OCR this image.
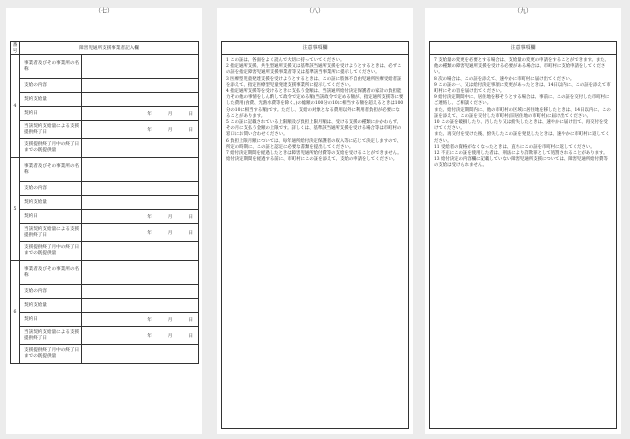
（七）
番号	障害児通所支援事業者記入欄	
4	事業者及びその事業所の名称	
	支給の内容	
	契約支給量	
	契約日	年 月 日
	当該契約支給量による支援提供終了日	年 月 日
	支援提供終了月中の終了日までの既提供量	
5	事業者及びその事業所の名称	
	支給の内容	
	契約支給量	
	契約日	年 月 日
	当該契約支給量による支援提供終了日	年 月 日
	支援提供終了月中の終了日までの既提供量	
6	事業者及びその事業所の名称	
	支給の内容	
	契約支給量	
	契約日	年 月 日
	当該契約支給量による支援提供終了日	年 月 日
	支援提供終了月中の終了日までの既提供量	
（八）
注意事項欄

1 この証は、各面をよく読んで大切に持っていてください。

2 指定通所支援、共生型通所支援又は基準該当通所支援を受けようとするときは、必ずこの証を指定障害児通所支援事業者等又は基準該当事業所に提示してください。

3 医療型児童発達支援を受けようとするときは、この証に肢体不自由児通所医療受給者証を添えて、指定医療型児童発達支援事業所に提示してください。

4 指定通所支援等を受けるときに支払う金額は、当該通所給付決定保護者の家計の負担能力その他の事情をしん酌して政令で定める額(当該政令で定める額が、指定通所支援等に要した費用(食費、光熱水費等を除く。)の総額の100分の10に相当する額を超えるときは100分の10に相当する額)です。ただし、支給の対象となる費用以外に利用者負担が必要になることがあります。

5 この証に記載されている上限額及び負担上限月額は、受ける支援の種類にかかわらず、その月に支払う金額の上限です。詳しくは、基準該当通所支援を受ける場合等は市町村の窓口にお問い合わせください。

6 負担上限月額については、毎年通所給付決定保護者の収入等に応じて決定しますので、所定の時期に、この証と認定に必要な書類を提出してください。

7 給付決定期間を経過したときは障害児通所給付費等の支給を受けることができません。給付決定期間を経過する前に、市町村にこの証を添えて、支給の申請をしてください。

（九）
注意事項欄

7 支給量の変更を必要とする場合は、支給量の変更の申請をすることができます。また、他の種類の障害児通所支援を受ける必要がある場合は、市町村に支給申請をしてください。

8 次の場合は、この証を添えて、速やかに市町村に届け出てください。

9 この証の一、又は給付決定事項に変更があったときは、14日以内に、この証を添えて市町村にその旨を届け出てください。

9 給付決定期間中に、居住地を移そうとする場合は、事前に、この証を交付した市町村にご連絡し、ご相談ください。

また、給付決定期間内に、他の市町村の区域に居住地を移したときは、14日以内に、この証を添えて、この証を交付した市町村(旧居住地の市町村)に届け出てください。

10 この証を破損したり、汚したり又は紛失したときは、速やかに届け出て、再交付を受けてください。

また、再交付を受けた後、紛失したこの証を発見したときは、速やかに市町村に返してください。

11 受給者の資格がなくなったときは、直ちにこの証を市町村に返してください。

12 不正にこの証を使用した者は、刑法により詐欺罪として処罰されることがあります。

13 給付決定の内容欄に記載していない障害児通所支援については、障害児通所給付費等の支給は受けられません。
